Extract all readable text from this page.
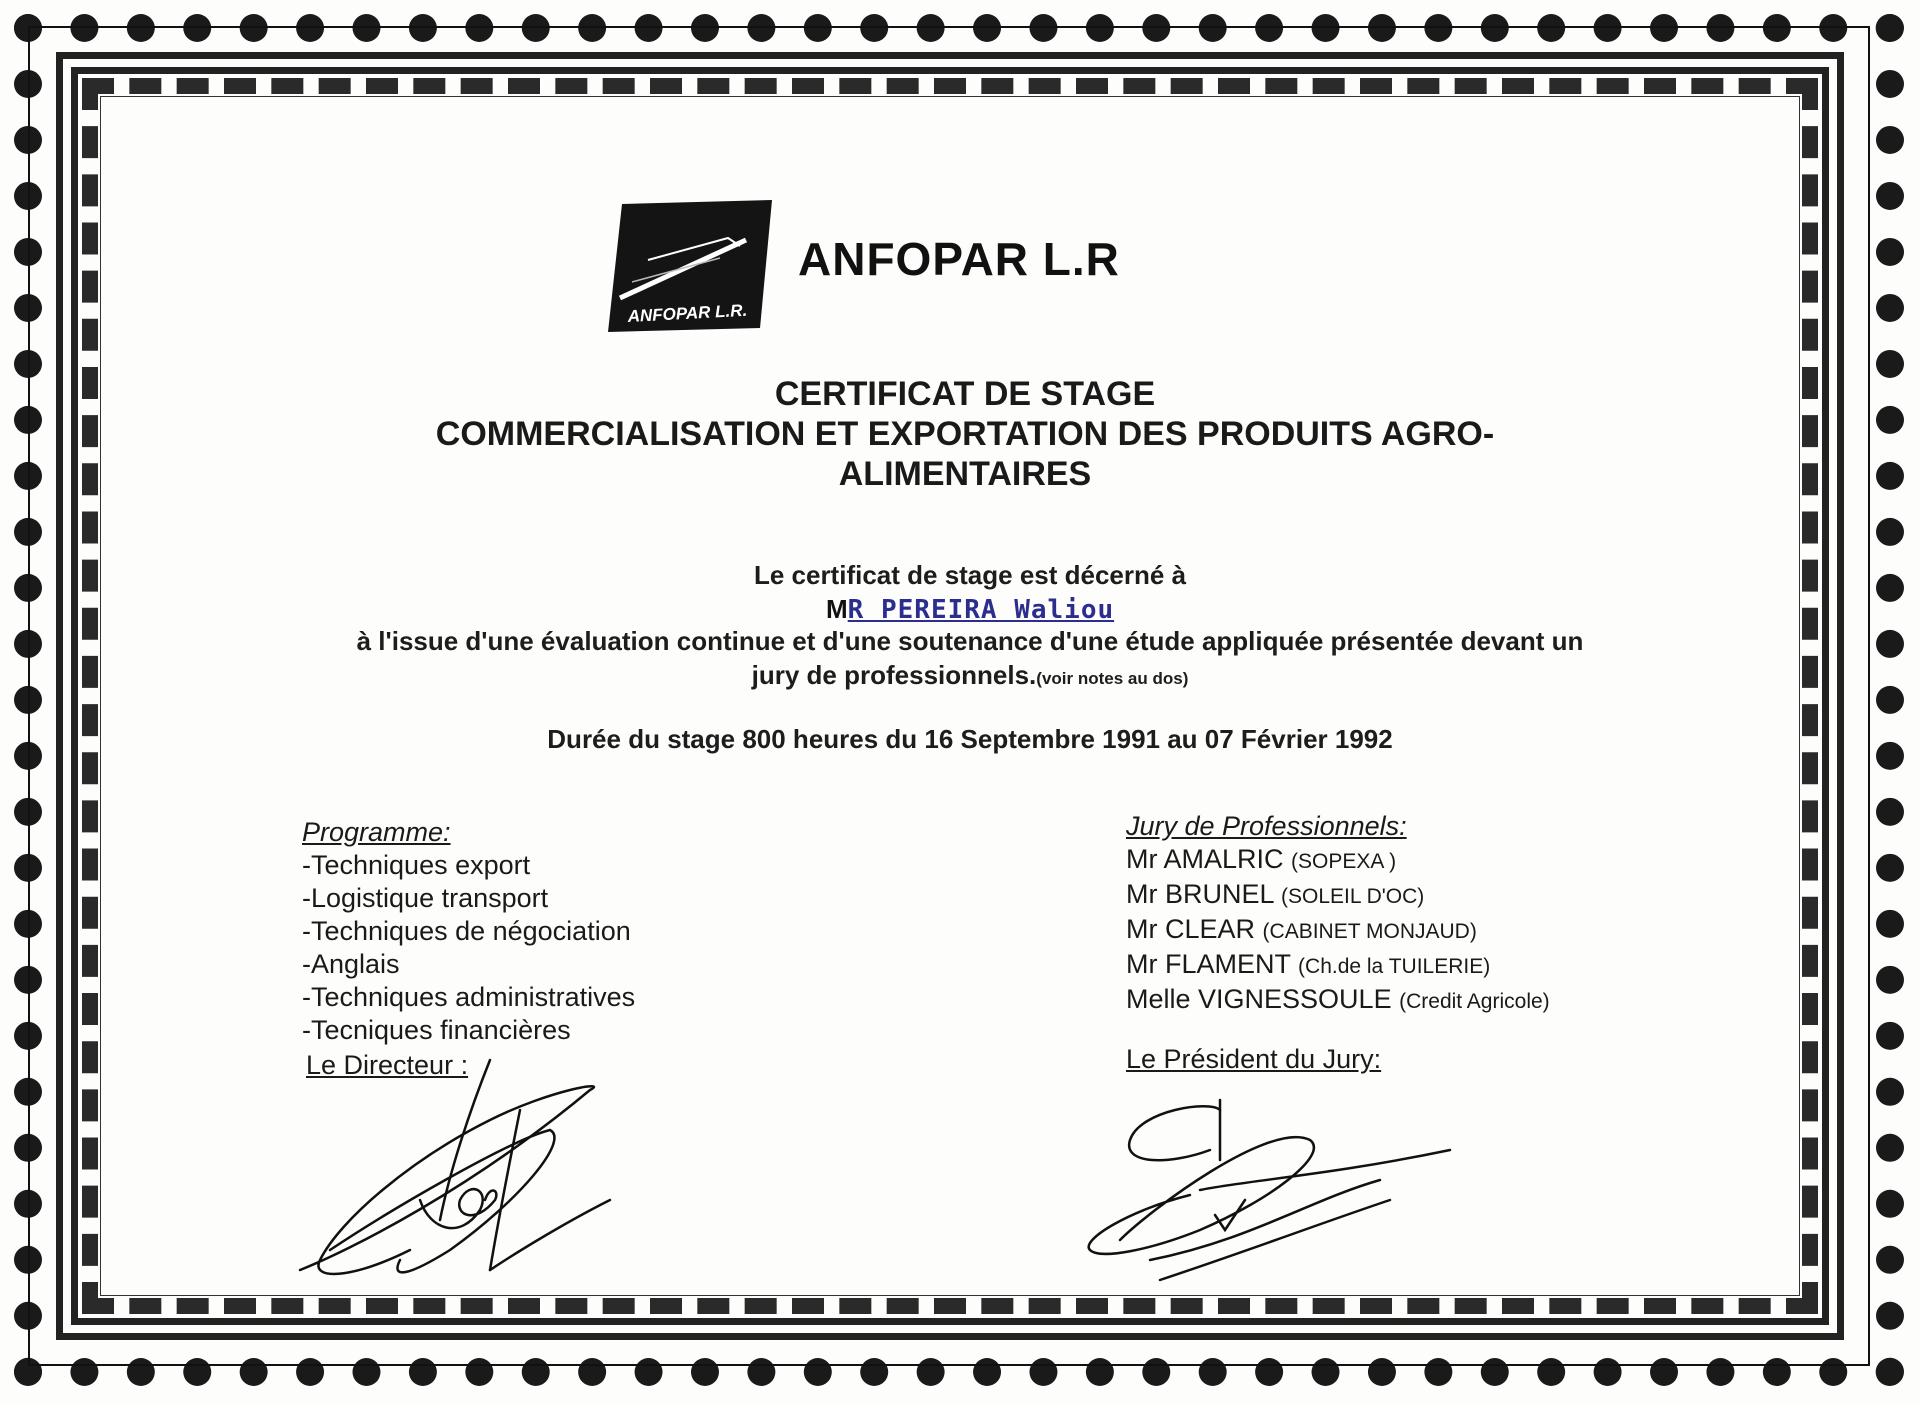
ANFOPAR L.R.
ANFOPAR L.R
CERTIFICAT DE STAGE
COMMERCIALISATION ET EXPORTATION DES PRODUITS AGRO-
ALIMENTAIRES
Le certificat de stage est décerné à
MR PEREIRA Waliou
à l'issue d'une évaluation continue et d'une soutenance d'une étude appliquée présentée devant un
jury de professionnels.(voir notes au dos)
Durée du stage 800 heures du 16 Septembre 1991 au 07 Février 1992
Programme:
-Techniques export
-Logistique transport
-Techniques de négociation
-Anglais
-Techniques administratives
-Tecniques financières
Jury de Professionnels:
Mr AMALRIC (SOPEXA )
Mr BRUNEL (SOLEIL D'OC)
Mr CLEAR (CABINET MONJAUD)
Mr FLAMENT (Ch.de la TUILERIE)
Melle VIGNESSOULE (Credit Agricole)
Le Directeur :	Le Président du Jury:
